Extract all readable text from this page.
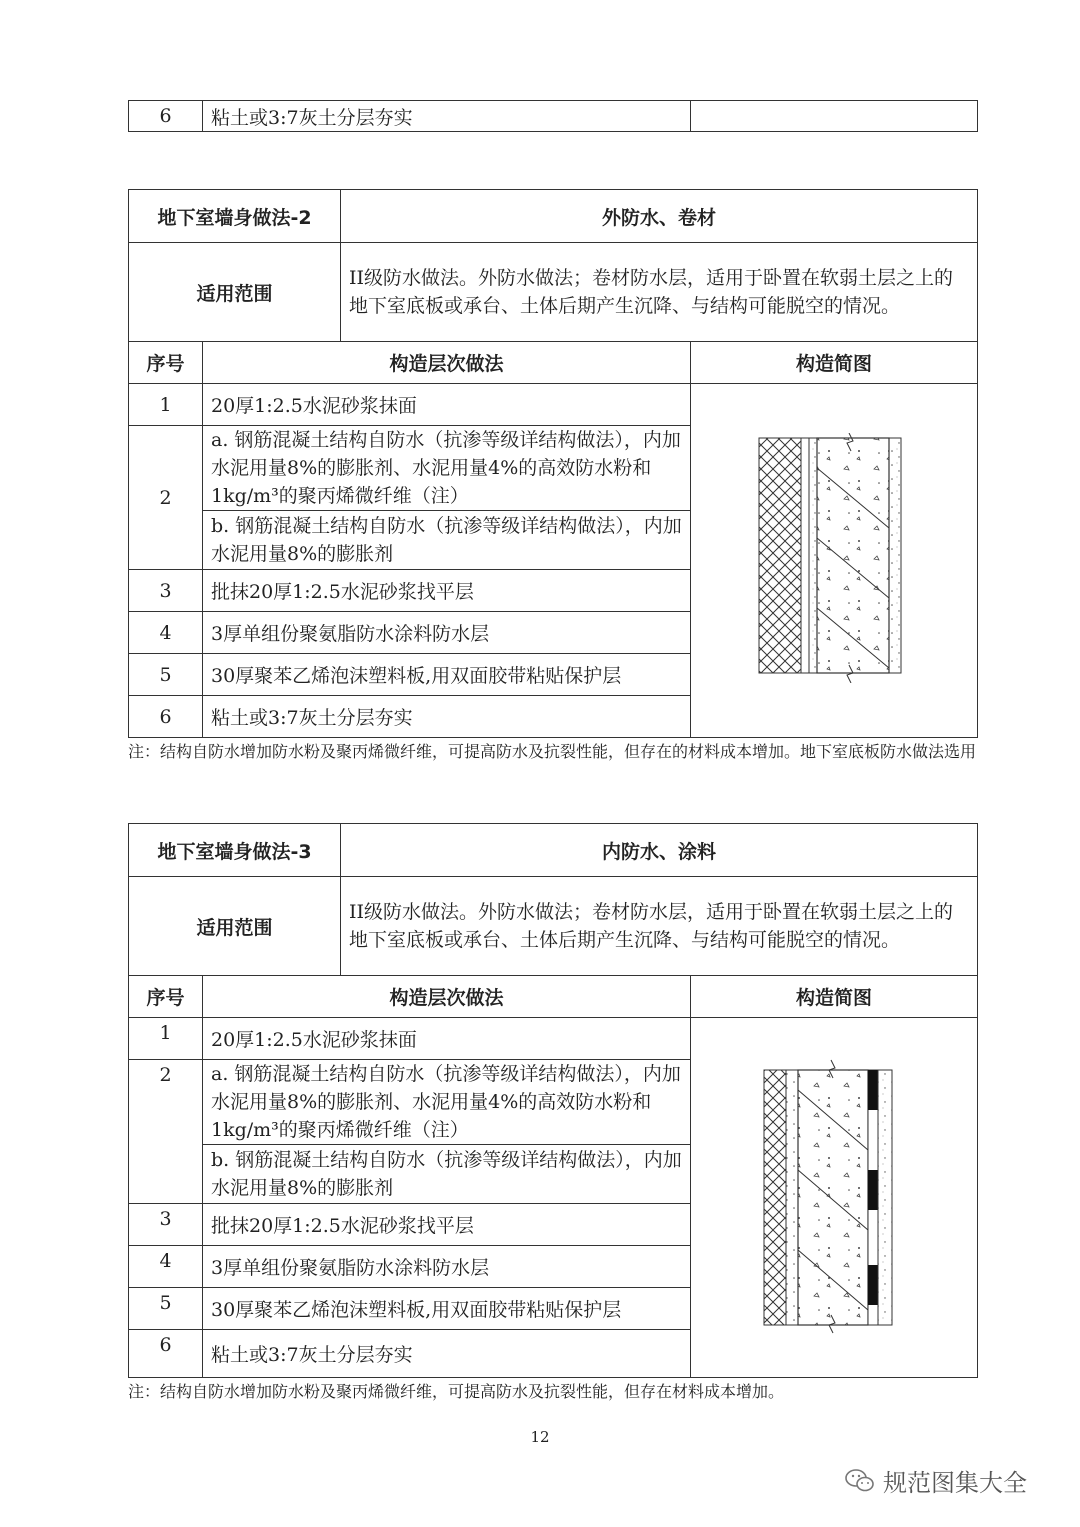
6	粘土或3:7灰土分层夯实	
地下室墙身做法-2		外防水、卷材	
适用范围		II级防水做法。外防水做法；卷材防水层，适用于卧置在软弱土层之上的地下室底板或承台、土体后期产生沉降、与结构可能脱空的情况。	
序号	构造层次做法		构造简图
1	20厚1:2.5水泥砂浆抹面	
2	a. 钢筋混凝土结构自防水（抗渗等级详结构做法），内加水泥用量8%的膨胀剂、水泥用量4%的高效防水粉和1kg/m³的聚丙烯微纤维（注）		
	b. 钢筋混凝土结构自防水（抗渗等级详结构做法），内加水泥用量8%的膨胀剂		
3	批抹20厚1:2.5水泥砂浆找平层		
4	3厚单组份聚氨脂防水涂料防水层		
5	30厚聚苯乙烯泡沫塑料板,用双面胶带粘贴保护层		
6	粘土或3:7灰土分层夯实		
注：结构自防水增加防水粉及聚丙烯微纤维，可提高防水及抗裂性能，但存在的材料成本增加。地下室底板防水做法选用
地下室墙身做法-3		内防水、涂料	
适用范围		II级防水做法。外防水做法；卷材防水层，适用于卧置在软弱土层之上的地下室底板或承台、土体后期产生沉降、与结构可能脱空的情况。	
序号	构造层次做法		构造简图
1	20厚1:2.5水泥砂浆抹面	
2	a. 钢筋混凝土结构自防水（抗渗等级详结构做法），内加水泥用量8%的膨胀剂、水泥用量4%的高效防水粉和1kg/m³的聚丙烯微纤维（注）		
	b. 钢筋混凝土结构自防水（抗渗等级详结构做法），内加水泥用量8%的膨胀剂		
3	批抹20厚1:2.5水泥砂浆找平层		
4	3厚单组份聚氨脂防水涂料防水层		
5	30厚聚苯乙烯泡沫塑料板,用双面胶带粘贴保护层		
6	粘土或3:7灰土分层夯实		
注：结构自防水增加防水粉及聚丙烯微纤维，可提高防水及抗裂性能，但存在材料成本增加。
12
规范图集大全
